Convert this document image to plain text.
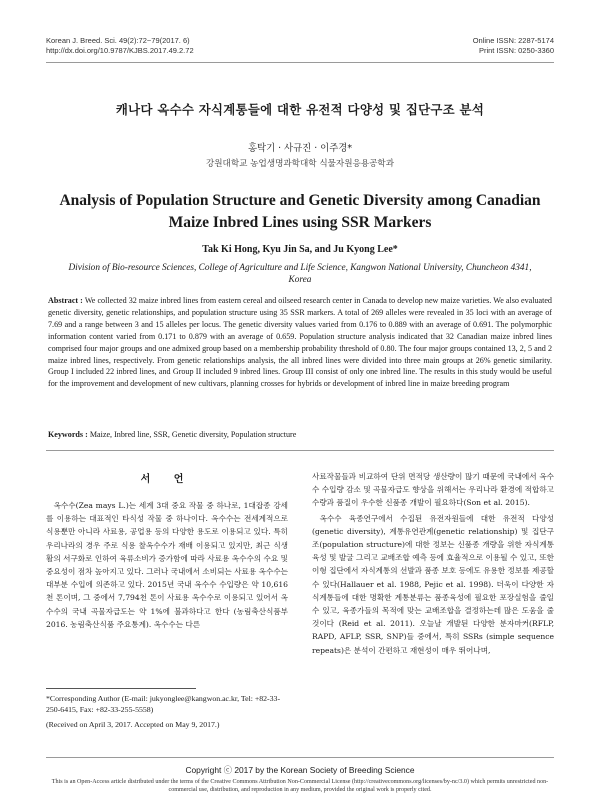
Korean J. Breed. Sci. 49(2):72~79(2017. 6)
http://dx.doi.org/10.9787/KJBS.2017.49.2.72
Online ISSN: 2287-5174
Print ISSN: 0250-3360
캐나다 옥수수 자식계통들에 대한 유전적 다양성 및 집단구조 분석
홍탁기 · 사규진 · 이주경*
강원대학교 농업생명과학대학 식물자원응용공학과
Analysis of Population Structure and Genetic Diversity among Canadian Maize Inbred Lines using SSR Markers
Tak Ki Hong, Kyu Jin Sa, and Ju Kyong Lee*
Division of Bio-resource Sciences, College of Agriculture and Life Science, Kangwon National University, Chuncheon 4341, Korea
Abstract : We collected 32 maize inbred lines from eastern cereal and oilseed research center in Canada to develop new maize varieties. We also evaluated genetic diversity, genetic relationships, and population structure using 35 SSR markers. A total of 269 alleles were revealed in 35 loci with an average of 7.69 and a range between 3 and 15 alleles per locus. The genetic diversity values varied from 0.176 to 0.889 with an average of 0.691. The polymorphic information content varied from 0.171 to 0.879 with an average of 0.659. Population structure analysis indicated that 32 Canadian maize inbred lines comprised four major groups and one admixed group based on a membership probability threshold of 0.80. The four major groups contained 13, 2, 5 and 2 maize inbred lines, respectively. From genetic relationships analysis, the all inbred lines were divided into three main groups at 26% genetic similarity. Group I included 22 inbred lines, and Group II included 9 inbred lines. Group III consist of only one inbred line. The results in this study would be useful for the improvement and development of new cultivars, planning crosses for hybrids or development of inbred line in maize breeding program
Keywords : Maize, Inbred line, SSR, Genetic diversity, Population structure
서 언

옥수수(Zea mays L.)는 세계 3대 중요 작물 중 하나로, 1대잡종 강세를 이용하는 대표적인 타식성 작물 중 하나이다. 옥수수는 전세계적으로 식용뿐만 아니라 사료용, 공업용 등의 다양한 용도로 이용되고 있다. 특히 우리나라의 경우 주로 식용 찰옥수수가 재배 이용되고 있지만, 최근 식생활의 서구화로 인하여 육류소비가 증가함에 따라 사료용 옥수수의 수요 및 중요성이 점차 높아지고 있다. 그러나 국내에서 소비되는 사료용 옥수수는 대부분 수입에 의존하고 있다. 2015년 국내 옥수수 수입량은 약 10,616천 톤이며, 그 중에서 7,794천 톤이 사료용 옥수수로 이용되고 있어서 옥수수의 국내 곡물자급도는 약 1%에 불과하다고 한다 (농림축산식품부 2016. 농림축산식품 주요통계). 옥수수는 다른

사료작물들과 비교하여 단위 면적당 생산량이 많기 때문에 국내에서 옥수수 수입량 감소 및 곡물자급도 향상을 위해서는 우리나라 환경에 적합하고 수량과 품질이 우수한 신품종 개발이 필요하다(Son et al. 2015).

옥수수 육종연구에서 수집된 유전자원들에 대한 유전적 다양성(genetic diversity), 계통유연관계(genetic relationship) 및 집단구조(population structure)에 대한 정보는 신품종 개량을 위한 자식계통 육성 및 발굴 그리고 교배조합 예측 등에 효율적으로 이용될 수 있고, 또한 이형 집단에서 자식계통의 선발과 품종 보호 등에도 유용한 정보를 제공할 수 있다(Hallauer et al. 1988, Pejic et al. 1998). 더욱이 다양한 자식계통들에 대한 명확한 계통분류는 품종육성에 필요한 포장실험을 줄일 수 있고, 육종가들의 목적에 맞는 교배조합을 결정하는데 많은 도움을 줄 것이다 (Reid et al. 2011). 오늘날 개발된 다양한 분자마커(RFLP, RAPD, AFLP, SSR, SNP)들 중에서, 특히 SSRs (simple sequence repeats)은 분석이 간편하고 재현성이 매우 뛰어나며,

*Corresponding Author (E-mail: jukyonglee@kangwon.ac.kr, Tel: +82-33-250-6415, Fax: +82-33-255-5558)
(Received on April 3, 2017. Accepted on May 9, 2017.)
Copyright ⓒ 2017 by the Korean Society of Breeding Science
This is an Open-Access article distributed under the terms of the Creative Commons Attribution Non-Commercial License (http://creativecommons.org/licenses/by-nc/3.0) which permits unrestricted non-commercial use, distribution, and reproduction in any medium, provided the original work is properly cited.
